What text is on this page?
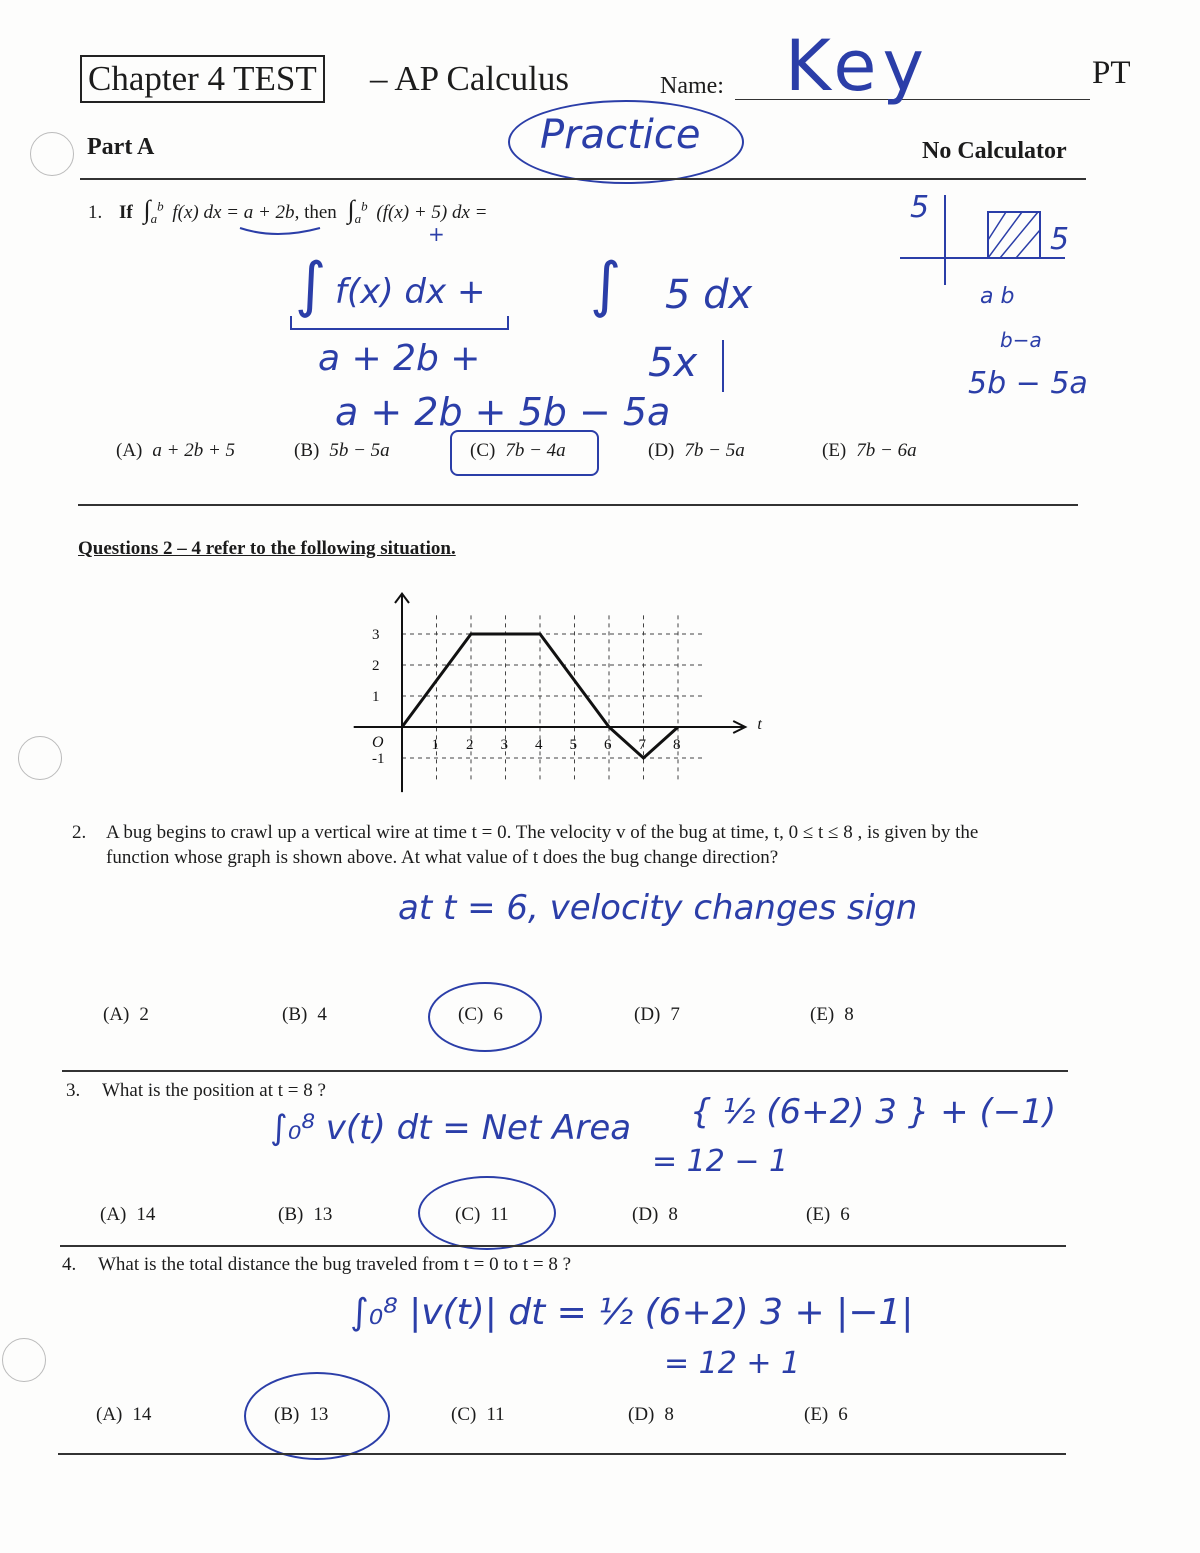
Chapter 4 TEST – AP Calculus	Name: Key	PT
Part A	Practice	No Calculator
1. If $\int_a^b$ f(x) dx = a + 2b, then $\int_a^b$ (f(x) + 5) dx =
+
∫ f(x) dx + ∫ 5 dx
a + 2b +	5x
a + 2b + 5b − 5a
5
5
a b
b−a
5b − 5a
(A) a + 2b + 5	(B) 5b − 5a	(C) 7b − 4a	(D) 7b − 5a	(E) 7b − 6a
Questions 2 – 4 refer to the following situation.
t
1 2 3 4 5 6 7 8
3
2
1
-1
O
2. A bug begins to crawl up a vertical wire at time t = 0. The velocity v of the bug at time, t, 0 ≤ t ≤ 8 , is given by the function whose graph is shown above. At what value of t does the bug change direction?
at t = 6, velocity changes sign
(A) 2	(B) 4	(C) 6	(D) 7	(E) 8
3. What is the position at t = 8 ?
∫₀⁸ v(t) dt = Net Area { ½ (6+2) 3 } + (−1)
= 12 − 1
(A) 14	(B) 13	(C) 11	(D) 8	(E) 6
4. What is the total distance the bug traveled from t = 0 to t = 8 ?
∫₀⁸ |v(t)| dt = ½ (6+2) 3 + |−1|
= 12 + 1
(A) 14	(B) 13	(C) 11	(D) 8	(E) 6
